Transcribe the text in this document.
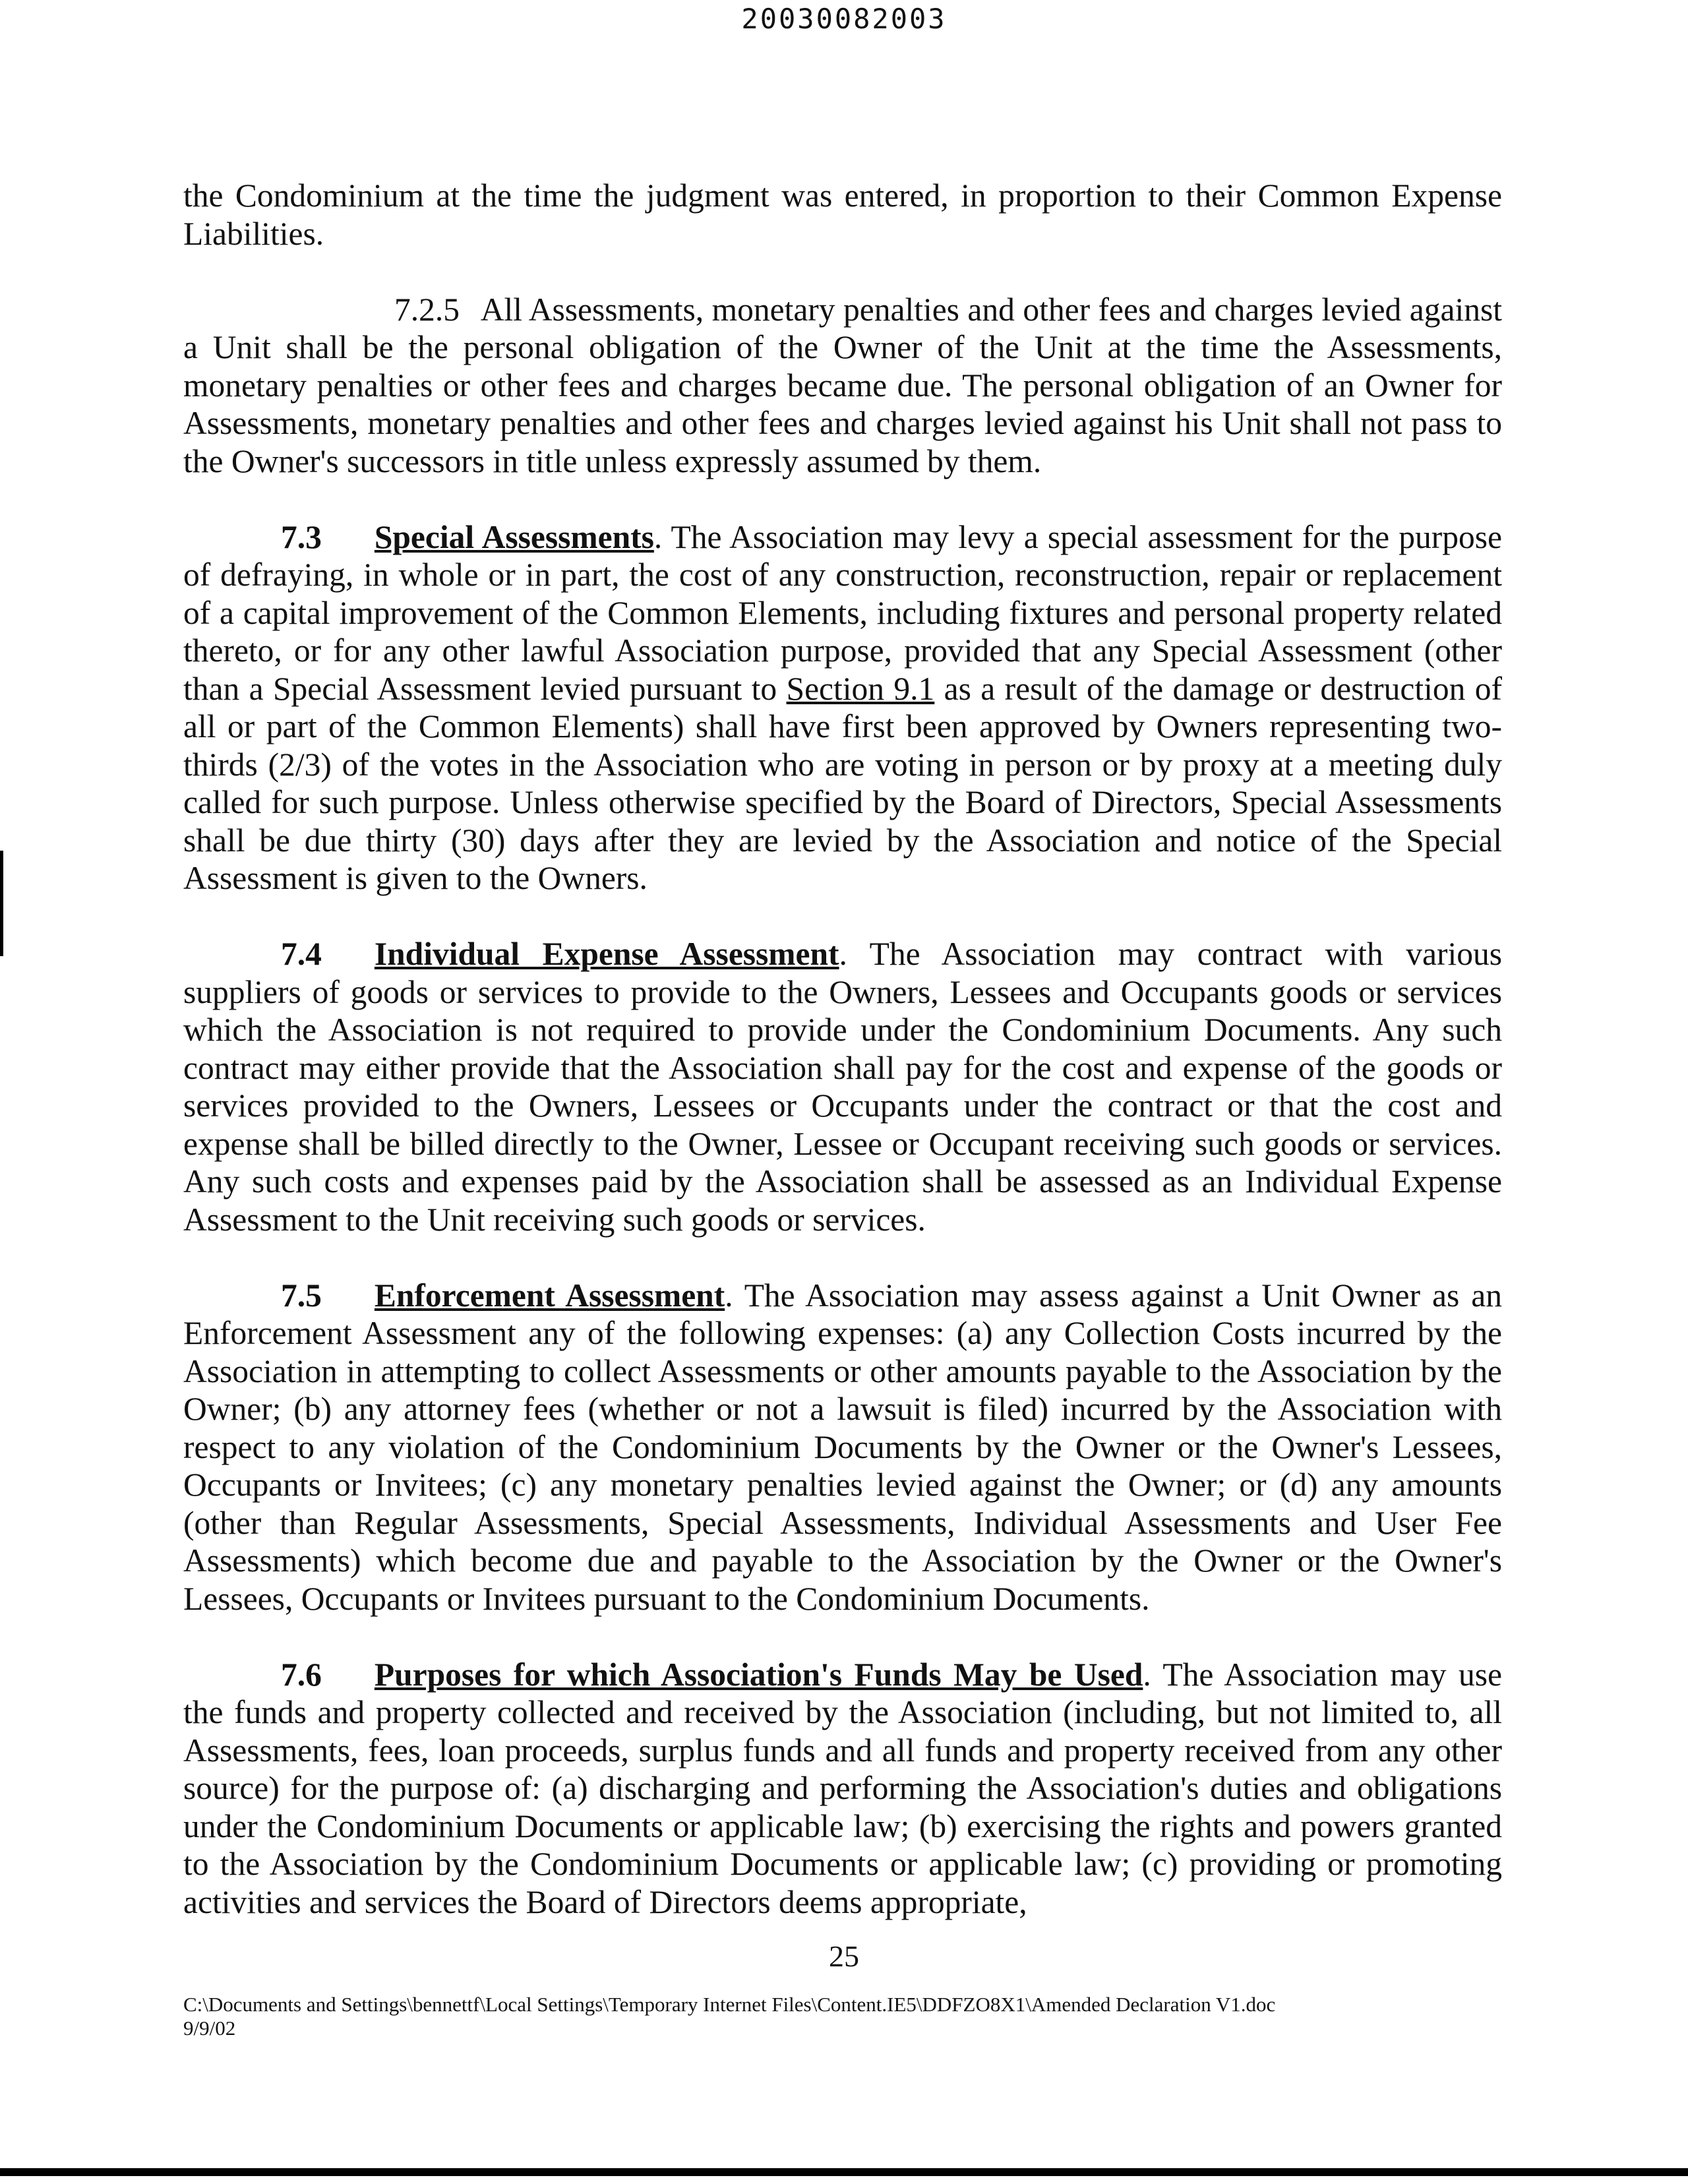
20030082003

the Condominium at the time the judgment was entered, in proportion to their Common Expense Liabilities.

7.2.5 All Assessments, monetary penalties and other fees and charges levied against a Unit shall be the personal obligation of the Owner of the Unit at the time the Assessments, monetary penalties or other fees and charges became due. The personal obligation of an Owner for Assessments, monetary penalties and other fees and charges levied against his Unit shall not pass to the Owner's successors in title unless expressly assumed by them.

7.3 Special Assessments. The Association may levy a special assessment for the purpose of defraying, in whole or in part, the cost of any construction, reconstruction, repair or replacement of a capital improvement of the Common Elements, including fixtures and personal property related thereto, or for any other lawful Association purpose, provided that any Special Assessment (other than a Special Assessment levied pursuant to Section 9.1 as a result of the damage or destruction of all or part of the Common Elements) shall have first been approved by Owners representing two-thirds (2/3) of the votes in the Association who are voting in person or by proxy at a meeting duly called for such purpose. Unless otherwise specified by the Board of Directors, Special Assessments shall be due thirty (30) days after they are levied by the Association and notice of the Special Assessment is given to the Owners.

7.4 Individual Expense Assessment. The Association may contract with various suppliers of goods or services to provide to the Owners, Lessees and Occupants goods or services which the Association is not required to provide under the Condominium Documents. Any such contract may either provide that the Association shall pay for the cost and expense of the goods or services provided to the Owners, Lessees or Occupants under the contract or that the cost and expense shall be billed directly to the Owner, Lessee or Occupant receiving such goods or services. Any such costs and expenses paid by the Association shall be assessed as an Individual Expense Assessment to the Unit receiving such goods or services.

7.5 Enforcement Assessment. The Association may assess against a Unit Owner as an Enforcement Assessment any of the following expenses: (a) any Collection Costs incurred by the Association in attempting to collect Assessments or other amounts payable to the Association by the Owner; (b) any attorney fees (whether or not a lawsuit is filed) incurred by the Association with respect to any violation of the Condominium Documents by the Owner or the Owner's Lessees, Occupants or Invitees; (c) any monetary penalties levied against the Owner; or (d) any amounts (other than Regular Assessments, Special Assessments, Individual Assessments and User Fee Assessments) which become due and payable to the Association by the Owner or the Owner's Lessees, Occupants or Invitees pursuant to the Condominium Documents.

7.6 Purposes for which Association's Funds May be Used. The Association may use the funds and property collected and received by the Association (including, but not limited to, all Assessments, fees, loan proceeds, surplus funds and all funds and property received from any other source) for the purpose of: (a) discharging and performing the Association's duties and obligations under the Condominium Documents or applicable law; (b) exercising the rights and powers granted to the Association by the Condominium Documents or applicable law; (c) providing or promoting activities and services the Board of Directors deems appropriate,

25
C:\Documents and Settings\bennettf\Local Settings\Temporary Internet Files\Content.IE5\DDFZO8X1\Amended Declaration V1.doc
9/9/02
